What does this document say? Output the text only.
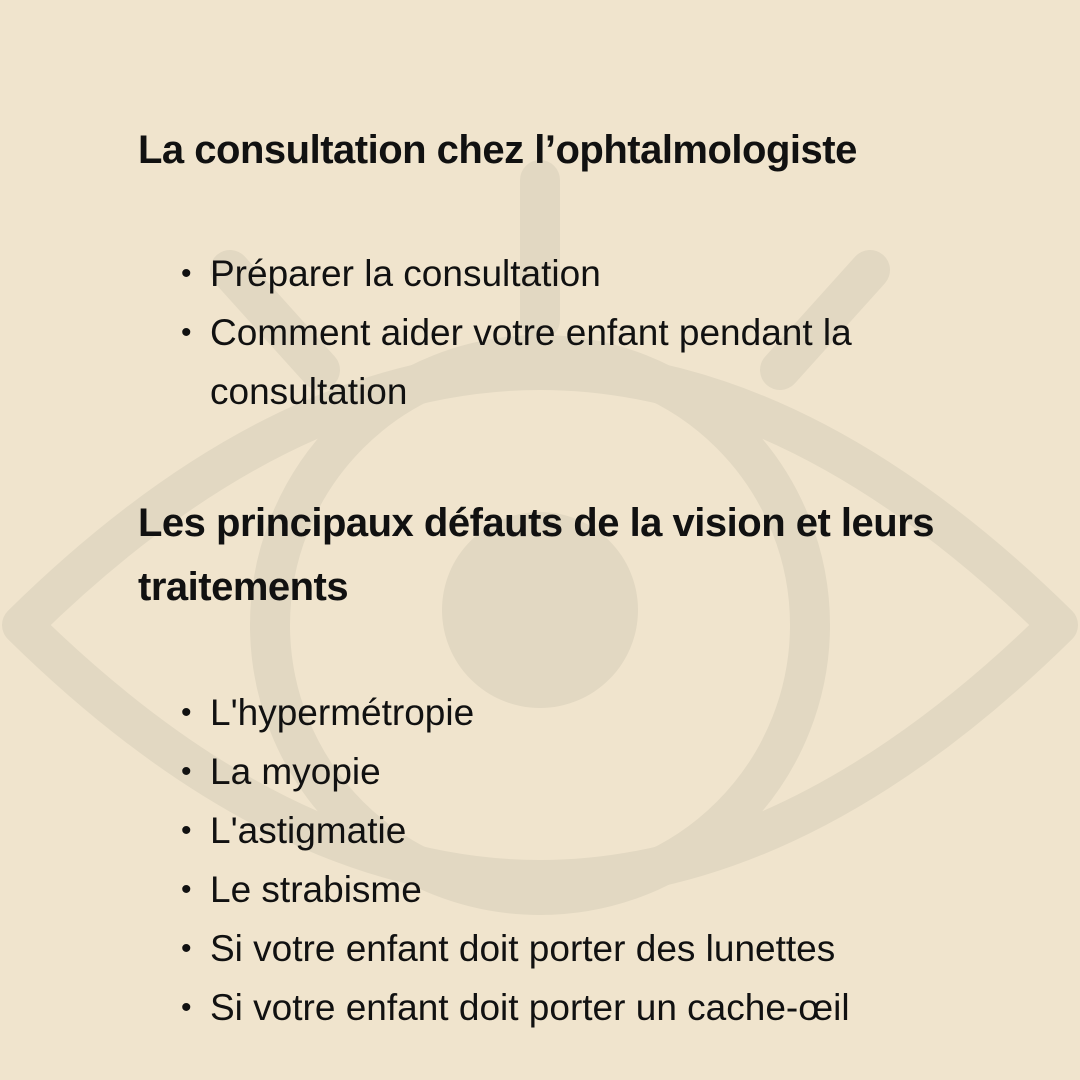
La consultation chez l’ophtalmologiste
• Préparer la consultation
• Comment aider votre enfant pendant la consultation
Les principaux défauts de la vision et leurs traitements
• L'hypermétropie
• La myopie
• L'astigmatie
• Le strabisme
• Si votre enfant doit porter des lunettes
• Si votre enfant doit porter un cache-œil
